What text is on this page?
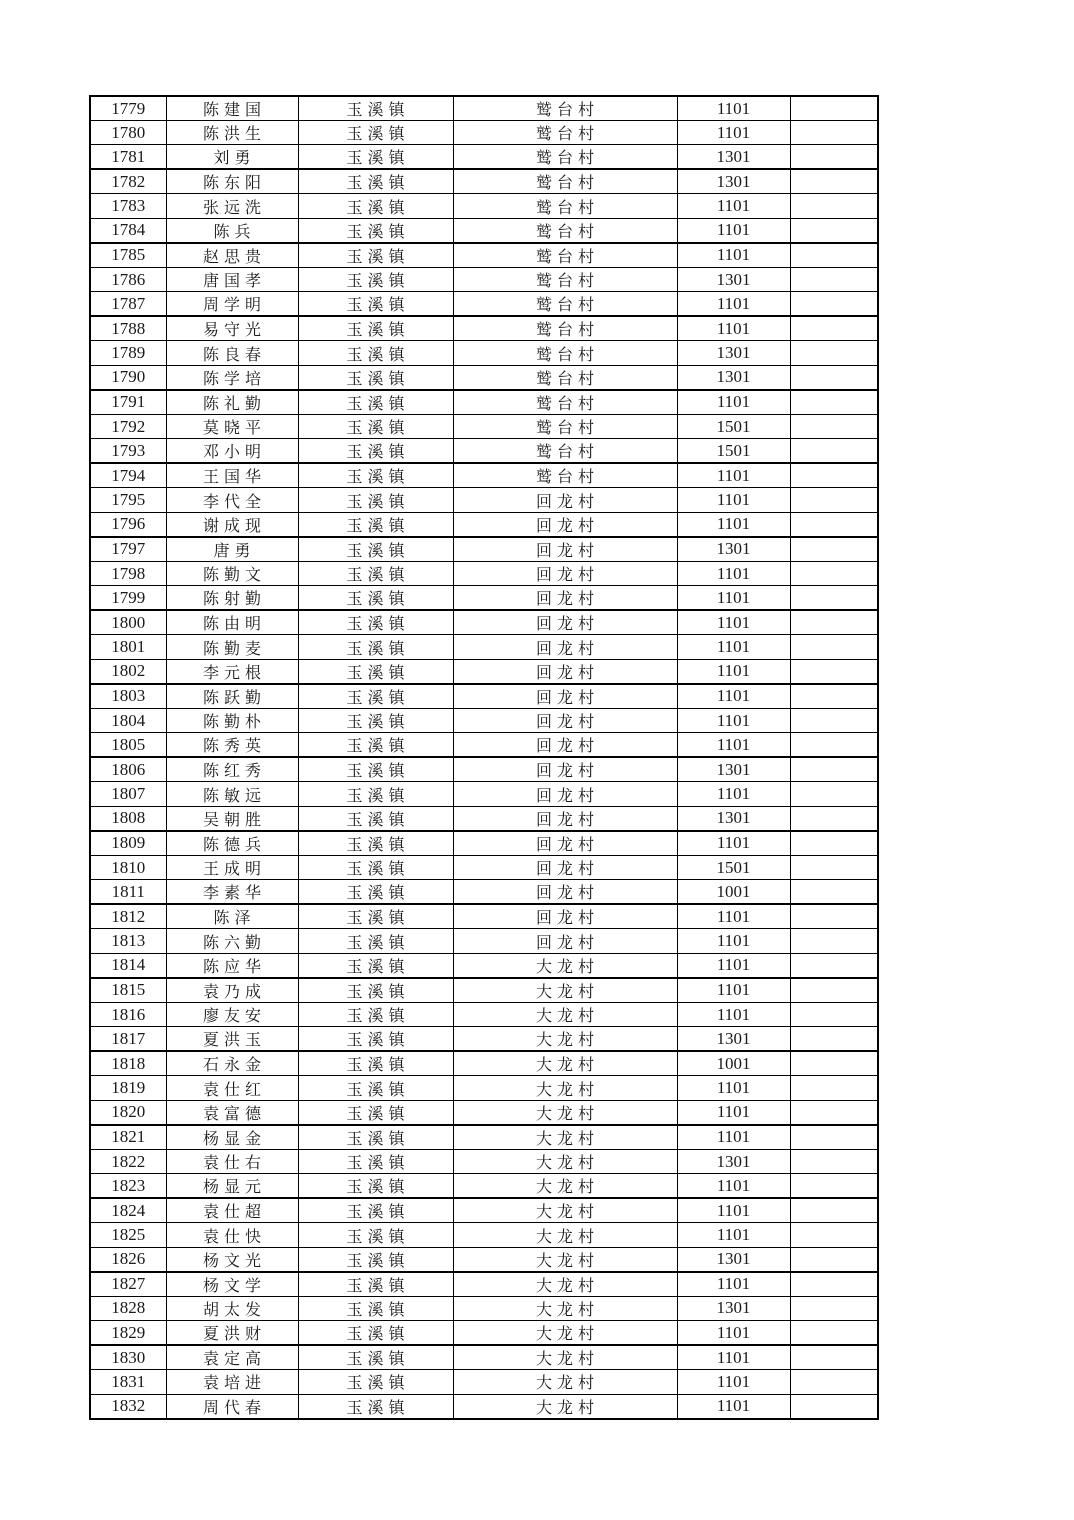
1779	陈建国	玉溪镇	鹫台村	1101	
1780	陈洪生	玉溪镇	鹫台村	1101	
1781	刘勇	玉溪镇	鹫台村	1301	
1782	陈东阳	玉溪镇	鹫台村	1301	
1783	张远洗	玉溪镇	鹫台村	1101	
1784	陈兵	玉溪镇	鹫台村	1101	
1785	赵思贵	玉溪镇	鹫台村	1101	
1786	唐国孝	玉溪镇	鹫台村	1301	
1787	周学明	玉溪镇	鹫台村	1101	
1788	易守光	玉溪镇	鹫台村	1101	
1789	陈良春	玉溪镇	鹫台村	1301	
1790	陈学培	玉溪镇	鹫台村	1301	
1791	陈礼勤	玉溪镇	鹫台村	1101	
1792	莫晓平	玉溪镇	鹫台村	1501	
1793	邓小明	玉溪镇	鹫台村	1501	
1794	王国华	玉溪镇	鹫台村	1101	
1795	李代全	玉溪镇	回龙村	1101	
1796	谢成现	玉溪镇	回龙村	1101	
1797	唐勇	玉溪镇	回龙村	1301	
1798	陈勤文	玉溪镇	回龙村	1101	
1799	陈射勤	玉溪镇	回龙村	1101	
1800	陈由明	玉溪镇	回龙村	1101	
1801	陈勤麦	玉溪镇	回龙村	1101	
1802	李元根	玉溪镇	回龙村	1101	
1803	陈跃勤	玉溪镇	回龙村	1101	
1804	陈勤朴	玉溪镇	回龙村	1101	
1805	陈秀英	玉溪镇	回龙村	1101	
1806	陈红秀	玉溪镇	回龙村	1301	
1807	陈敏远	玉溪镇	回龙村	1101	
1808	吴朝胜	玉溪镇	回龙村	1301	
1809	陈德兵	玉溪镇	回龙村	1101	
1810	王成明	玉溪镇	回龙村	1501	
1811	李素华	玉溪镇	回龙村	1001	
1812	陈泽	玉溪镇	回龙村	1101	
1813	陈六勤	玉溪镇	回龙村	1101	
1814	陈应华	玉溪镇	大龙村	1101	
1815	袁乃成	玉溪镇	大龙村	1101	
1816	廖友安	玉溪镇	大龙村	1101	
1817	夏洪玉	玉溪镇	大龙村	1301	
1818	石永金	玉溪镇	大龙村	1001	
1819	袁仕红	玉溪镇	大龙村	1101	
1820	袁富德	玉溪镇	大龙村	1101	
1821	杨显金	玉溪镇	大龙村	1101	
1822	袁仕右	玉溪镇	大龙村	1301	
1823	杨显元	玉溪镇	大龙村	1101	
1824	袁仕超	玉溪镇	大龙村	1101	
1825	袁仕快	玉溪镇	大龙村	1101	
1826	杨文光	玉溪镇	大龙村	1301	
1827	杨文学	玉溪镇	大龙村	1101	
1828	胡太发	玉溪镇	大龙村	1301	
1829	夏洪财	玉溪镇	大龙村	1101	
1830	袁定高	玉溪镇	大龙村	1101	
1831	袁培进	玉溪镇	大龙村	1101	
1832	周代春	玉溪镇	大龙村	1101	
